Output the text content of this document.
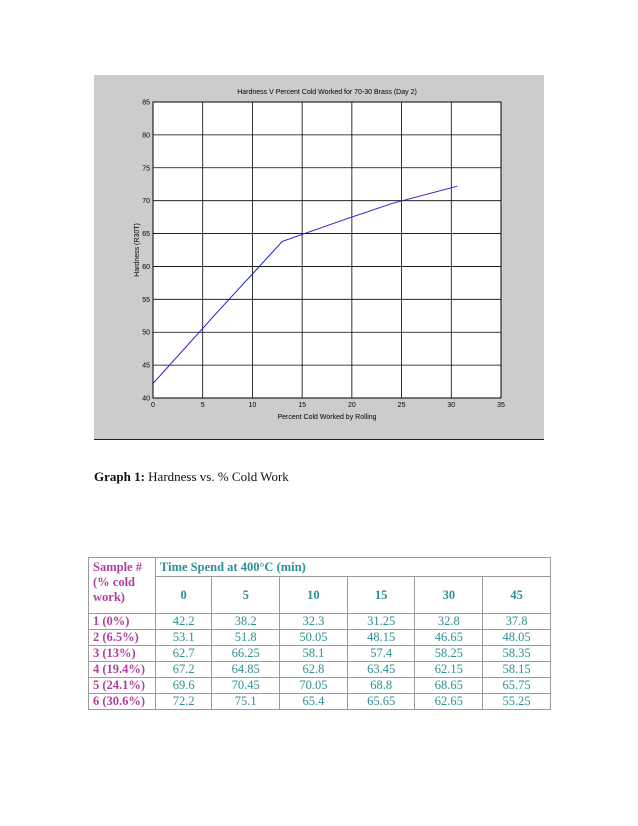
0	5	10	15	20	25	30	35
40
45
50
55
60
65
70
75
80
85
Hardness V Percent Cold Worked for 70-30 Brass (Day 2)
Percent Cold Worked by Rolling
Hardness (R30T)
Graph 1: Hardness vs. % Cold Work
Sample # (% cold work)	Time Spend at 400°C (min)					
	0	5	10	15	30	45
1 (0%)	42.2	38.2	32.3	31.25	32.8	37.8
2 (6.5%)	53.1	51.8	50.05	48.15	46.65	48.05
3 (13%)	62.7	66.25	58.1	57.4	58.25	58.35
4 (19.4%)	67.2	64.85	62.8	63.45	62.15	58.15
5 (24.1%)	69.6	70.45	70.05	68.8	68.65	65.75
6 (30.6%)	72.2	75.1	65.4	65.65	62.65	55.25
